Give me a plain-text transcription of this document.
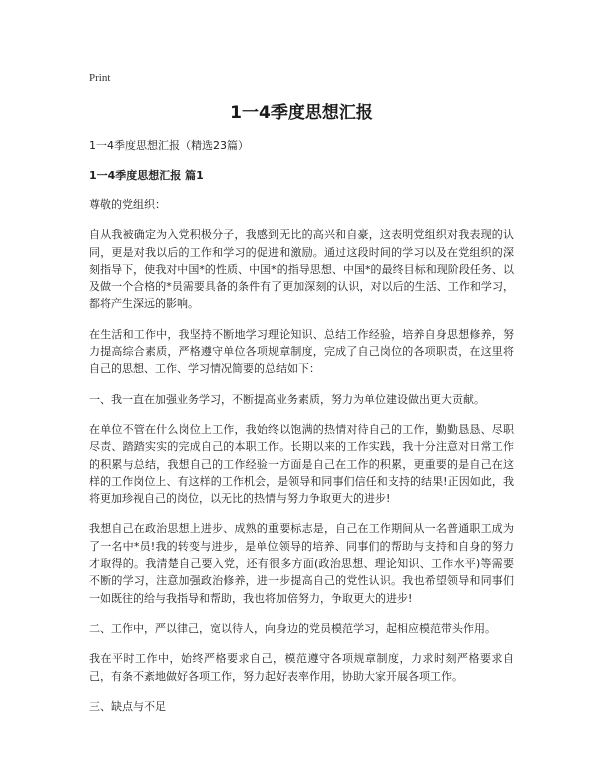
Print
1一4季度思想汇报
1一4季度思想汇报（精选23篇）
1一4季度思想汇报 篇1

尊敬的党组织：

自从我被确定为入党积极分子，我感到无比的高兴和自豪，这表明党组织对我表现的认同，更是对我以后的工作和学习的促进和激励。通过这段时间的学习以及在党组织的深刻指导下，使我对中国*的性质、中国*的指导思想、中国*的最终目标和现阶段任务、以及做一个合格的*员需要具备的条件有了更加深刻的认识，对以后的生活、工作和学习，都将产生深远的影响。

在生活和工作中，我坚持不断地学习理论知识、总结工作经验，培养自身思想修养，努力提高综合素质，严格遵守单位各项规章制度，完成了自己岗位的各项职责，在这里将自己的思想、工作、学习情况简要的总结如下：

一、我一直在加强业务学习，不断提高业务素质，努力为单位建设做出更大贡献。

在单位不管在什么岗位上工作，我始终以饱满的热情对待自己的工作，勤勤恳恳、尽职尽责、踏踏实实的完成自己的本职工作。长期以来的工作实践，我十分注意对日常工作的积累与总结，我想自己的工作经验一方面是自己在工作的积累，更重要的是自己在这样的工作岗位上、有这样的工作机会，是领导和同事们信任和支持的结果!正因如此，我将更加珍视自己的岗位，以无比的热情与努力争取更大的进步!

我想自己在政治思想上进步、成熟的重要标志是，自己在工作期间从一名普通职工成为了一名中*员!我的转变与进步，是单位领导的培养、同事们的帮助与支持和自身的努力才取得的。我清楚自己要入党，还有很多方面(政治思想、理论知识、工作水平)等需要不断的学习，注意加强政治修养，进一步提高自己的党性认识。我也希望领导和同事们一如既往的给与我指导和帮助，我也将加倍努力，争取更大的进步!

二、工作中，严以律己，宽以待人，向身边的党员模范学习，起相应模范带头作用。

我在平时工作中，始终严格要求自己，模范遵守各项规章制度，力求时刻严格要求自己，有条不紊地做好各项工作，努力起好表率作用，协助大家开展各项工作。

三、缺点与不足
